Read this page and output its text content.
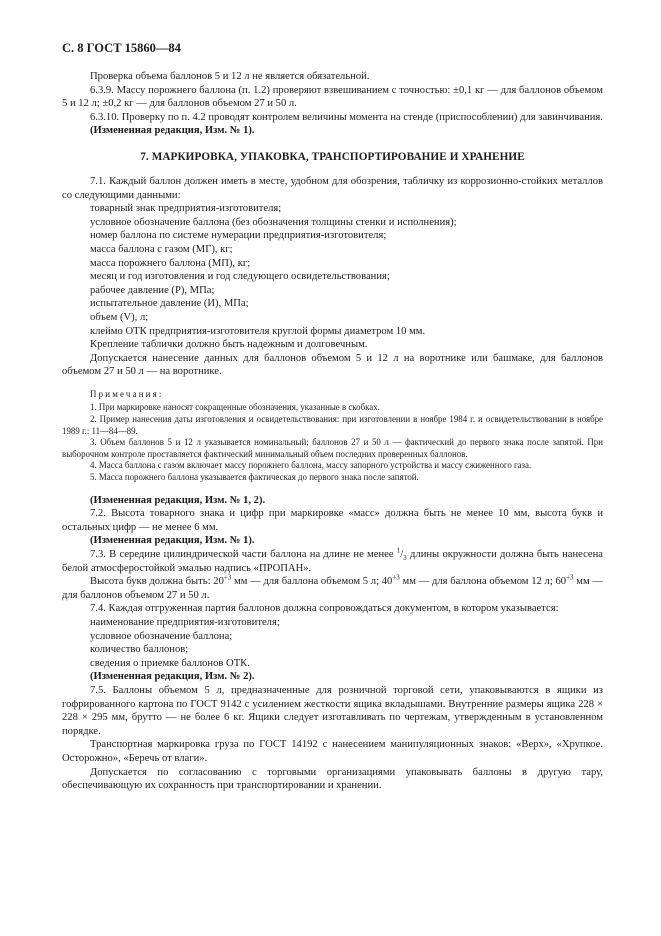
С. 8 ГОСТ 15860—84

Проверка объема баллонов 5 и 12 л не является обязательной.

6.3.9. Массу порожнего баллона (п. 1.2) проверяют взвешиванием с точностью: ±0,1 кг — для баллонов объемом 5 и 12 л; ±0,2 кг — для баллонов объемом 27 и 50 л.

6.3.10. Проверку по п. 4.2 проводят контролем величины момента на стенде (приспособлении) для завинчивания.

(Измененная редакция, Изм. № 1).

7. МАРКИРОВКА, УПАКОВКА, ТРАНСПОРТИРОВАНИЕ И ХРАНЕНИЕ

7.1. Каждый баллон должен иметь в месте, удобном для обозрения, табличку из коррозионно-стойких металлов со следующими данными:

товарный знак предприятия-изготовителя;

условное обозначение баллона (без обозначения толщины стенки и исполнения);

номер баллона по системе нумерации предприятия-изготовителя;

масса баллона с газом (МГ), кг;

масса порожнего баллона (МП), кг;

месяц и год изготовления и год следующего освидетельствования;

рабочее давление (Р), МПа;

испытательное давление (И), МПа;

объем (V), л;

клеймо ОТК предприятия-изготовителя круглой формы диаметром 10 мм.

Крепление таблички должно быть надежным и долговечным.

Допускается нанесение данных для баллонов объемом 5 и 12 л на воротнике или башмаке, для баллонов объемом 27 и 50 л — на воротнике.

Примечания:

1. При маркировке наносят сокращенные обозначения, указанные в скобках.

2. Пример нанесения даты изготовления и освидетельствования: при изготовлении в ноябре 1984 г. и освидетельствовании в ноябре 1989 г.: 11—84—89.

3. Объем баллонов 5 и 12 л указывается номинальный; баллонов 27 и 50 л — фактический до первого знака после запятой. При выборочном контроле проставляется фактический минимальный объем последних проверенных баллонов.

4. Масса баллона с газом включает массу порожнего баллона, массу запорного устройства и массу сжиженного газа.

5. Масса порожнего баллона указывается фактическая до первого знака после запятой.

(Измененная редакция, Изм. № 1, 2).

7.2. Высота товарного знака и цифр при маркировке «масс» должна быть не менее 10 мм, высота букв и остальных цифр — не менее 6 мм.

(Измененная редакция, Изм. № 1).

7.3. В середине цилиндрической части баллона на длине не менее $^1/_3$ длины окружности должна быть нанесена белой атмосферостойкой эмалью надпись «ПРОПАН».

Высота букв должна быть: $20^{+3}$ мм — для баллона объемом 5 л; $40^{+3}$ мм — для баллона объемом 12 л; $60^{+3}$ мм — для баллонов объемом 27 и 50 л.

7.4. Каждая отгруженная партия баллонов должна сопровождаться документом, в котором указывается:

наименование предприятия-изготовителя;

условное обозначение баллона;

количество баллонов;

сведения о приемке баллонов ОТК.

(Измененная редакция, Изм. № 2).

7.5. Баллоны объемом 5 л, предназначенные для розничной торговой сети, упаковываются в ящики из гофрированного картона по ГОСТ 9142 с усилением жесткости ящика вкладышами. Внутренние размеры ящика 228 × 228 × 295 мм, брутто — не более 6 кг. Ящики следует изготавливать по чертежам, утвержденным в установленном порядке.

Транспортная маркировка груза по ГОСТ 14192 с нанесением манипуляционных знаков: «Верх», «Хрупкое. Осторожно», «Беречь от влаги».

Допускается по согласованию с торговыми организациями упаковывать баллоны в другую тару, обеспечивающую их сохранность при транспортировании и хранении.
